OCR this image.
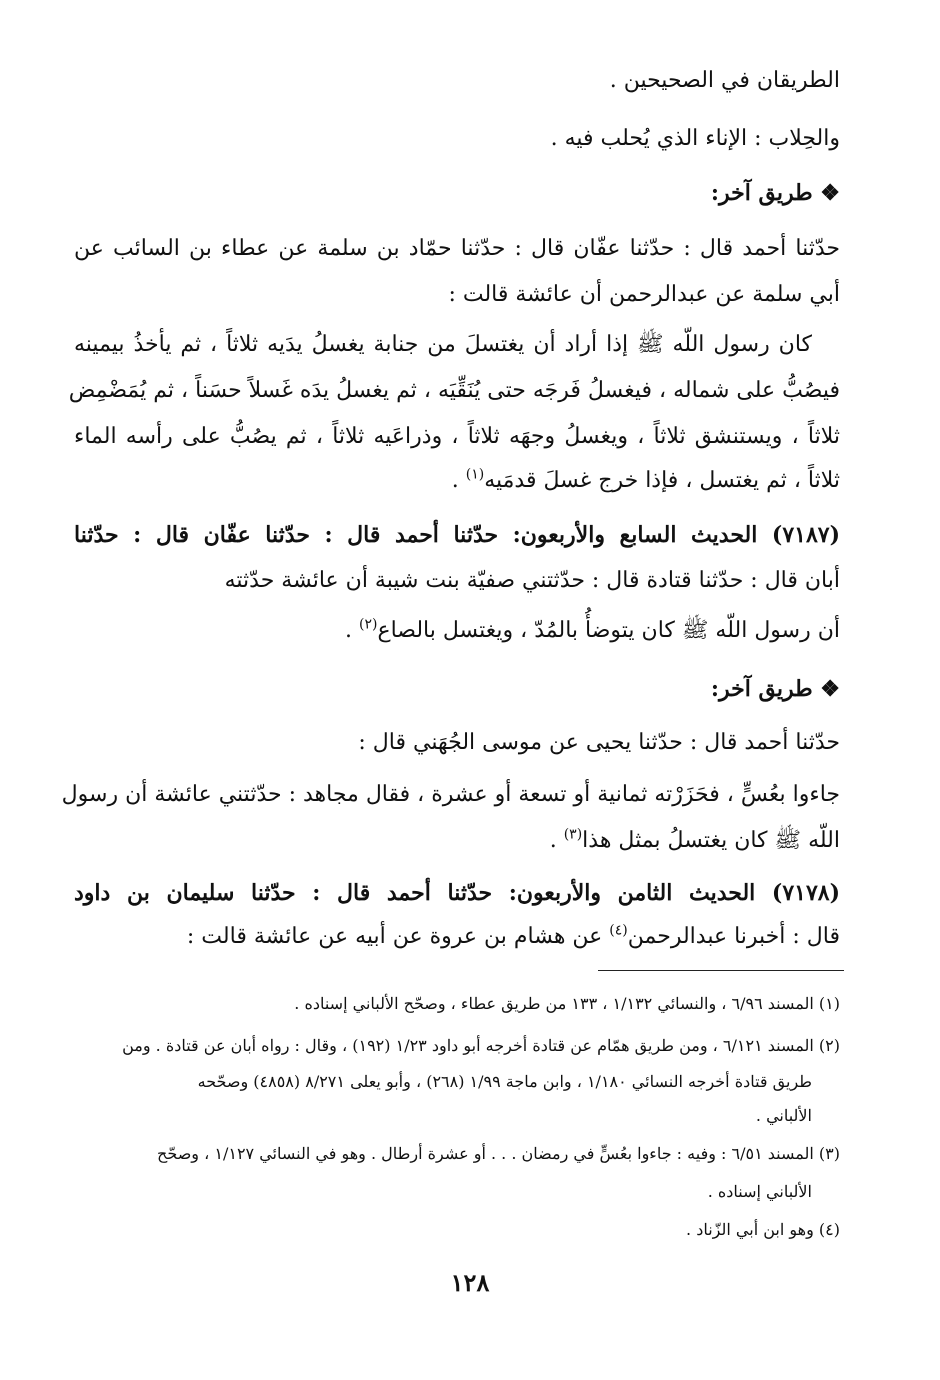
الطريقان في الصحيحين .
والحِلاب : الإناء الذي يُحلب فيه .
❖ طريق آخر:
حدّثنا أحمد قال : حدّثنا عفّان قال : حدّثنا حمّاد بن سلمة عن عطاء بن السائب عن
أبي سلمة عن عبدالرحمن أن عائشة قالت :
كان رسول اللّه ﷺ إذا أراد أن يغتسلَ من جنابة يغسلُ يدَيه ثلاثاً ، ثم يأخذُ بيمينه
فيصُبُّ على شماله ، فيغسلُ فَرجَه حتى يُنَقِّيَه ، ثم يغسلُ يدَه غَسلاً حسَناً ، ثم يُمَضْمِض
ثلاثاً ، ويستنشق ثلاثاً ، ويغسلُ وجهَه ثلاثاً ، وذراعَيه ثلاثاً ، ثم يصُبُّ على رأسه الماء
ثلاثاً ، ثم يغتسل ، فإذا خرج غسلَ قدمَيه$^{(١)}$ .
(٧١٨٧) الحديث السابع والأربعون: حدّثنا أحمد قال : حدّثنا عفّان قال : حدّثنا
أبان قال : حدّثنا قتادة قال : حدّثتني صفيّة بنت شيبة أن عائشة حدّثته
أن رسول اللّه ﷺ كان يتوضأُ بالمُدّ ، ويغتسل بالصاع$^{(٢)}$ .
❖ طريق آخر:
حدّثنا أحمد قال : حدّثنا يحيى عن موسى الجُهَني قال :
جاءوا بعُسٍّ ، فحَزَرْته ثمانية أو تسعة أو عشرة ، فقال مجاهد : حدّثتني عائشة أن رسول
اللّه ﷺ كان يغتسلُ بمثل هذا$^{(٣)}$ .
(٧١٧٨) الحديث الثامن والأربعون: حدّثنا أحمد قال : حدّثنا سليمان بن داود
قال : أخبرنا عبدالرحمن$^{(٤)}$ عن هشام بن عروة عن أبيه عن عائشة قالت :
(١) المسند ٦/٩٦ ، والنسائي ١/١٣٢ ، ١٣٣ من طريق عطاء ، وصحّح الألباني إسناده .
(٢) المسند ٦/١٢١ ، ومن طريق همّام عن قتادة أخرجه أبو داود ١/٢٣ (١٩٢) ، وقال : رواه أبان عن قتادة . ومن
طريق قتادة أخرجه النسائي ١/١٨٠ ، وابن ماجة ١/٩٩ (٢٦٨) ، وأبو يعلى ٨/٢٧١ (٤٨٥٨) وصحّحه
الألباني .
(٣) المسند ٦/٥١ : وفيه : جاءوا بعُسٍّ في رمضان . . . أو عشرة أرطال . وهو في النسائي ١/١٢٧ ، وصحّح
الألباني إسناده .
(٤) وهو ابن أبي الزّناد .
١٢٨
